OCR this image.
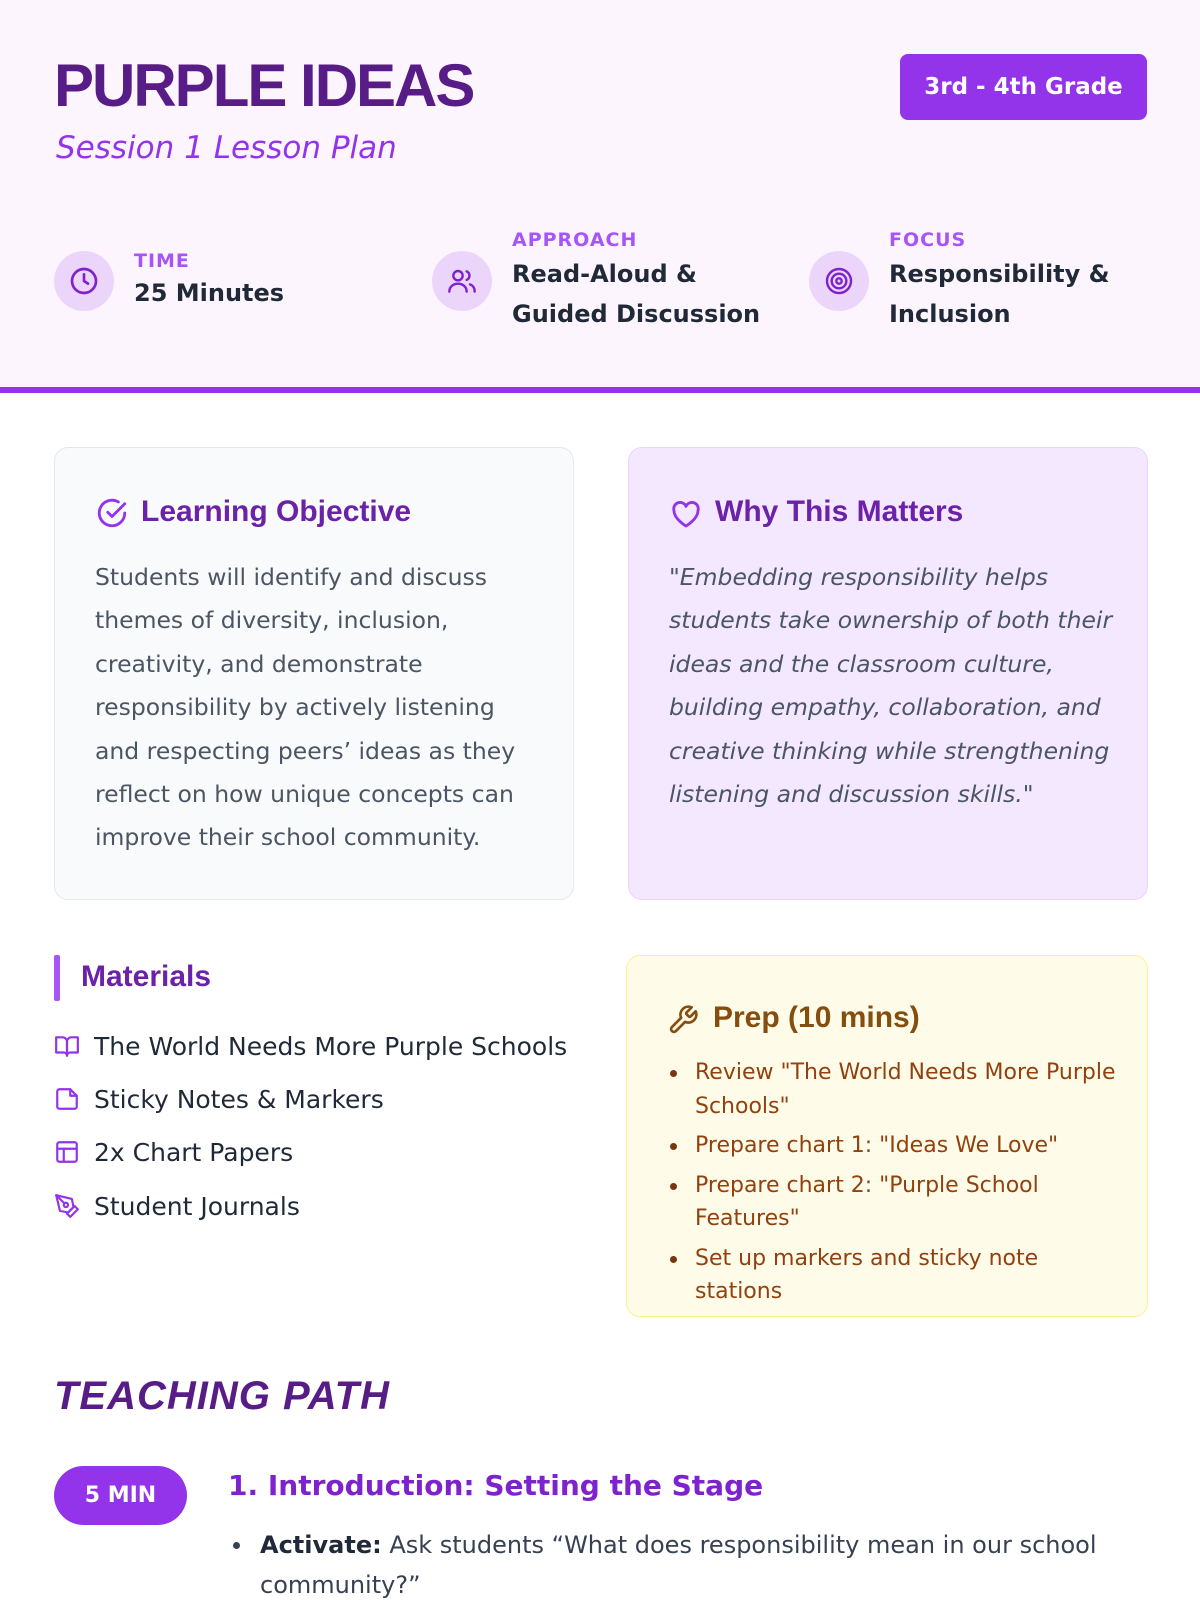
PURPLE IDEAS
Session 1 Lesson Plan
3rd - 4th Grade
TIME
25 Minutes
APPROACH
Read-Aloud &
Guided Discussion
FOCUS
Responsibility &
Inclusion
Learning Objective
Students will identify and discuss themes of diversity, inclusion, creativity, and demonstrate responsibility by actively listening and respecting peers’ ideas as they reflect on how unique concepts can improve their school community.
Why This Matters
"Embedding responsibility helps students take ownership of both their ideas and the classroom culture, building empathy, collaboration, and creative thinking while strengthening listening and discussion skills."
Materials
The World Needs More Purple Schools
Sticky Notes & Markers
2x Chart Papers
Student Journals
Prep (10 mins)
Review "The World Needs More Purple Schools"
Prepare chart 1: "Ideas We Love"
Prepare chart 2: "Purple School Features"
Set up markers and sticky note stations
TEACHING PATH
5 MIN	1. Introduction: Setting the Stage
Activate: Ask students “What does responsibility mean in our school community?”
